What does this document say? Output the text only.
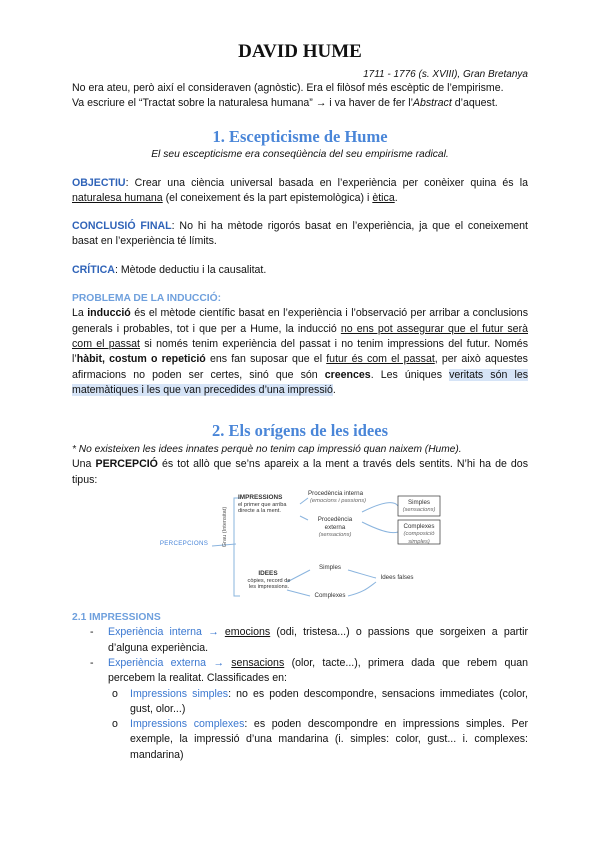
DAVID HUME
1711 - 1776 (s. XVIII), Gran Bretanya

No era ateu, però així el consideraven (agnòstic). Era el filòsof més escèptic de l’empirisme.

Va escriure el “Tractat sobre la naturalesa humana” → i va haver de fer l’Abstract d’aquest.

1. Escepticisme de Hume
El seu escepticisme era conseqüència del seu empirisme radical.

OBJECTIU: Crear una ciència universal basada en l’experiència per conèixer quina és la naturalesa humana (el coneixement és la part epistemològica) i ètica.

CONCLUSIÓ FINAL: No hi ha mètode rigorós basat en l’experiència, ja que el coneixement basat en l’experiència té límits.

CRÍTICA: Mètode deductiu i la causalitat.

PROBLEMA DE LA INDUCCIÓ:

La inducció és el mètode científic basat en l’experiència i l’observació per arribar a conclusions generals i probables, tot i que per a Hume, la inducció no ens pot assegurar que el futur serà com el passat si només tenim experiència del passat i no tenim impressions del futur. Només l’hàbit, costum o repetició ens fan suposar que el futur és com el passat, per això aquestes afirmacions no poden ser certes, sinó que són creences. Les úniques veritats són les matemàtiques i les que van precedides d’una impressió.

2. Els orígens de les idees

* No existeixen les idees innates perquè no tenim cap impressió quan naixem (Hume).

Una PERCEPCIÓ és tot allò que se’ns apareix a la ment a través dels sentits. N’hi ha de dos tipus:

PERCEPCIONS	Grau (Intensitat)
IMPRESSIONS
el primer que arriba directe a la ment.
IDEES
còpies, record de les impressions.
Procedència interna
(emocions i passions)
Procedència externa
(sensacions)
Simples
(sensacions)
Complexes
(composició simples)
Simples
Complexes
Idees falses
2.1 IMPRESSIONS
- Experiència interna → emocions (odi, tristesa...) o passions que sorgeixen a partir d’alguna experiència.
- Experiència externa → sensacions (olor, tacte...), primera dada que rebem quan percebem la realitat. Classificades en:
o Impressions simples: no es poden descompondre, sensacions immediates (color, gust, olor...)
o Impressions complexes: es poden descompondre en impressions simples. Per exemple, la impressió d’una mandarina (i. simples: color, gust... i. complexes: mandarina)
